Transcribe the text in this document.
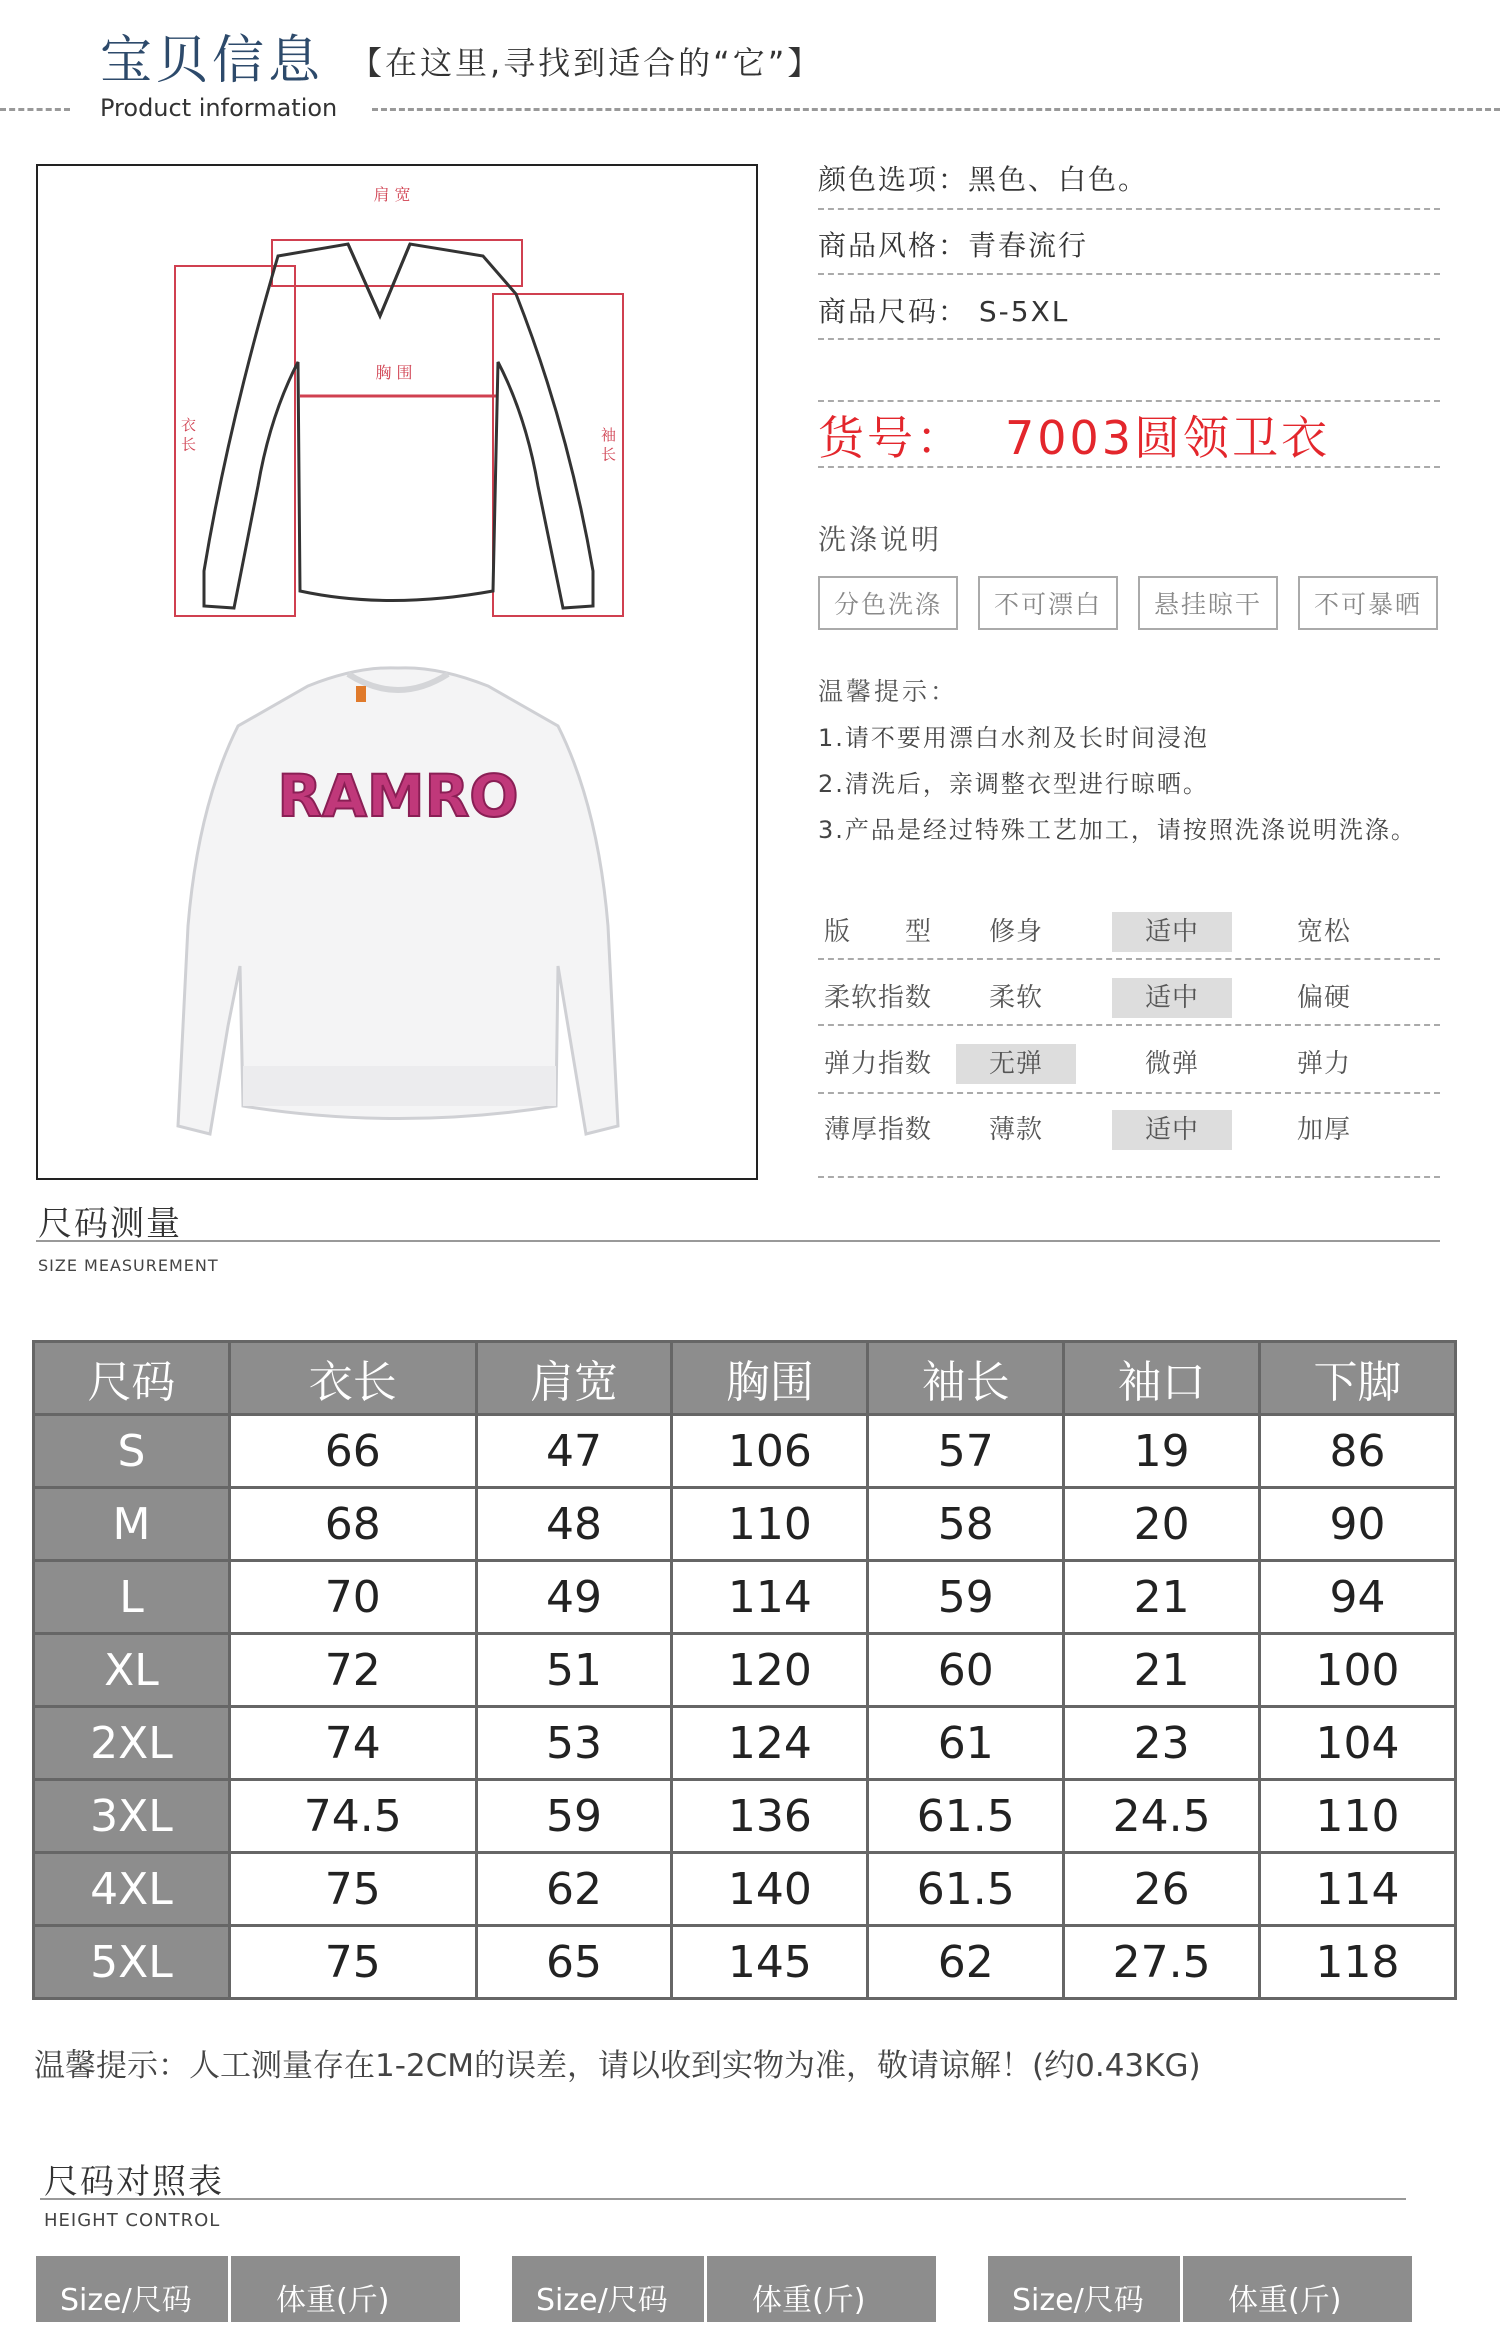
宝贝信息 【在这里,寻找到适合的“它”】
Product information
肩 宽
胸 围
衣 长	袖 长
RAMRO
颜色选项：黑色、白色。
商品风格：青春流行
商品尺码： S-5XL
货号： 7003圆领卫衣
洗涤说明
分色洗涤	不可漂白	悬挂晾干	不可暴晒
温馨提示：
1.请不要用漂白水剂及长时间浸泡
2.清洗后，亲调整衣型进行晾晒。
3.产品是经过特殊工艺加工，请按照洗涤说明洗涤。
版　　型	修身	适中	宽松
柔软指数	柔软	适中	偏硬
弹力指数	无弹	微弹	弹力
薄厚指数	薄款	适中	加厚
尺码测量
SIZE MEASUREMENT
尺码	衣长	肩宽	胸围	袖长	袖口	下脚
S	66	47	106	57	19	86
M	68	48	110	58	20	90
L	70	49	114	59	21	94
XL	72	51	120	60	21	100
2XL	74	53	124	61	23	104
3XL	74.5	59	136	61.5	24.5	110
4XL	75	62	140	61.5	26	114
5XL	75	65	145	62	27.5	118
温馨提示：人工测量存在1-2CM的误差，请以收到实物为准，敬请谅解！(约0.43KG)
尺码对照表
HEIGHT CONTROL
Size/尺码	体重(斤)	Size/尺码	体重(斤)	Size/尺码	体重(斤)
